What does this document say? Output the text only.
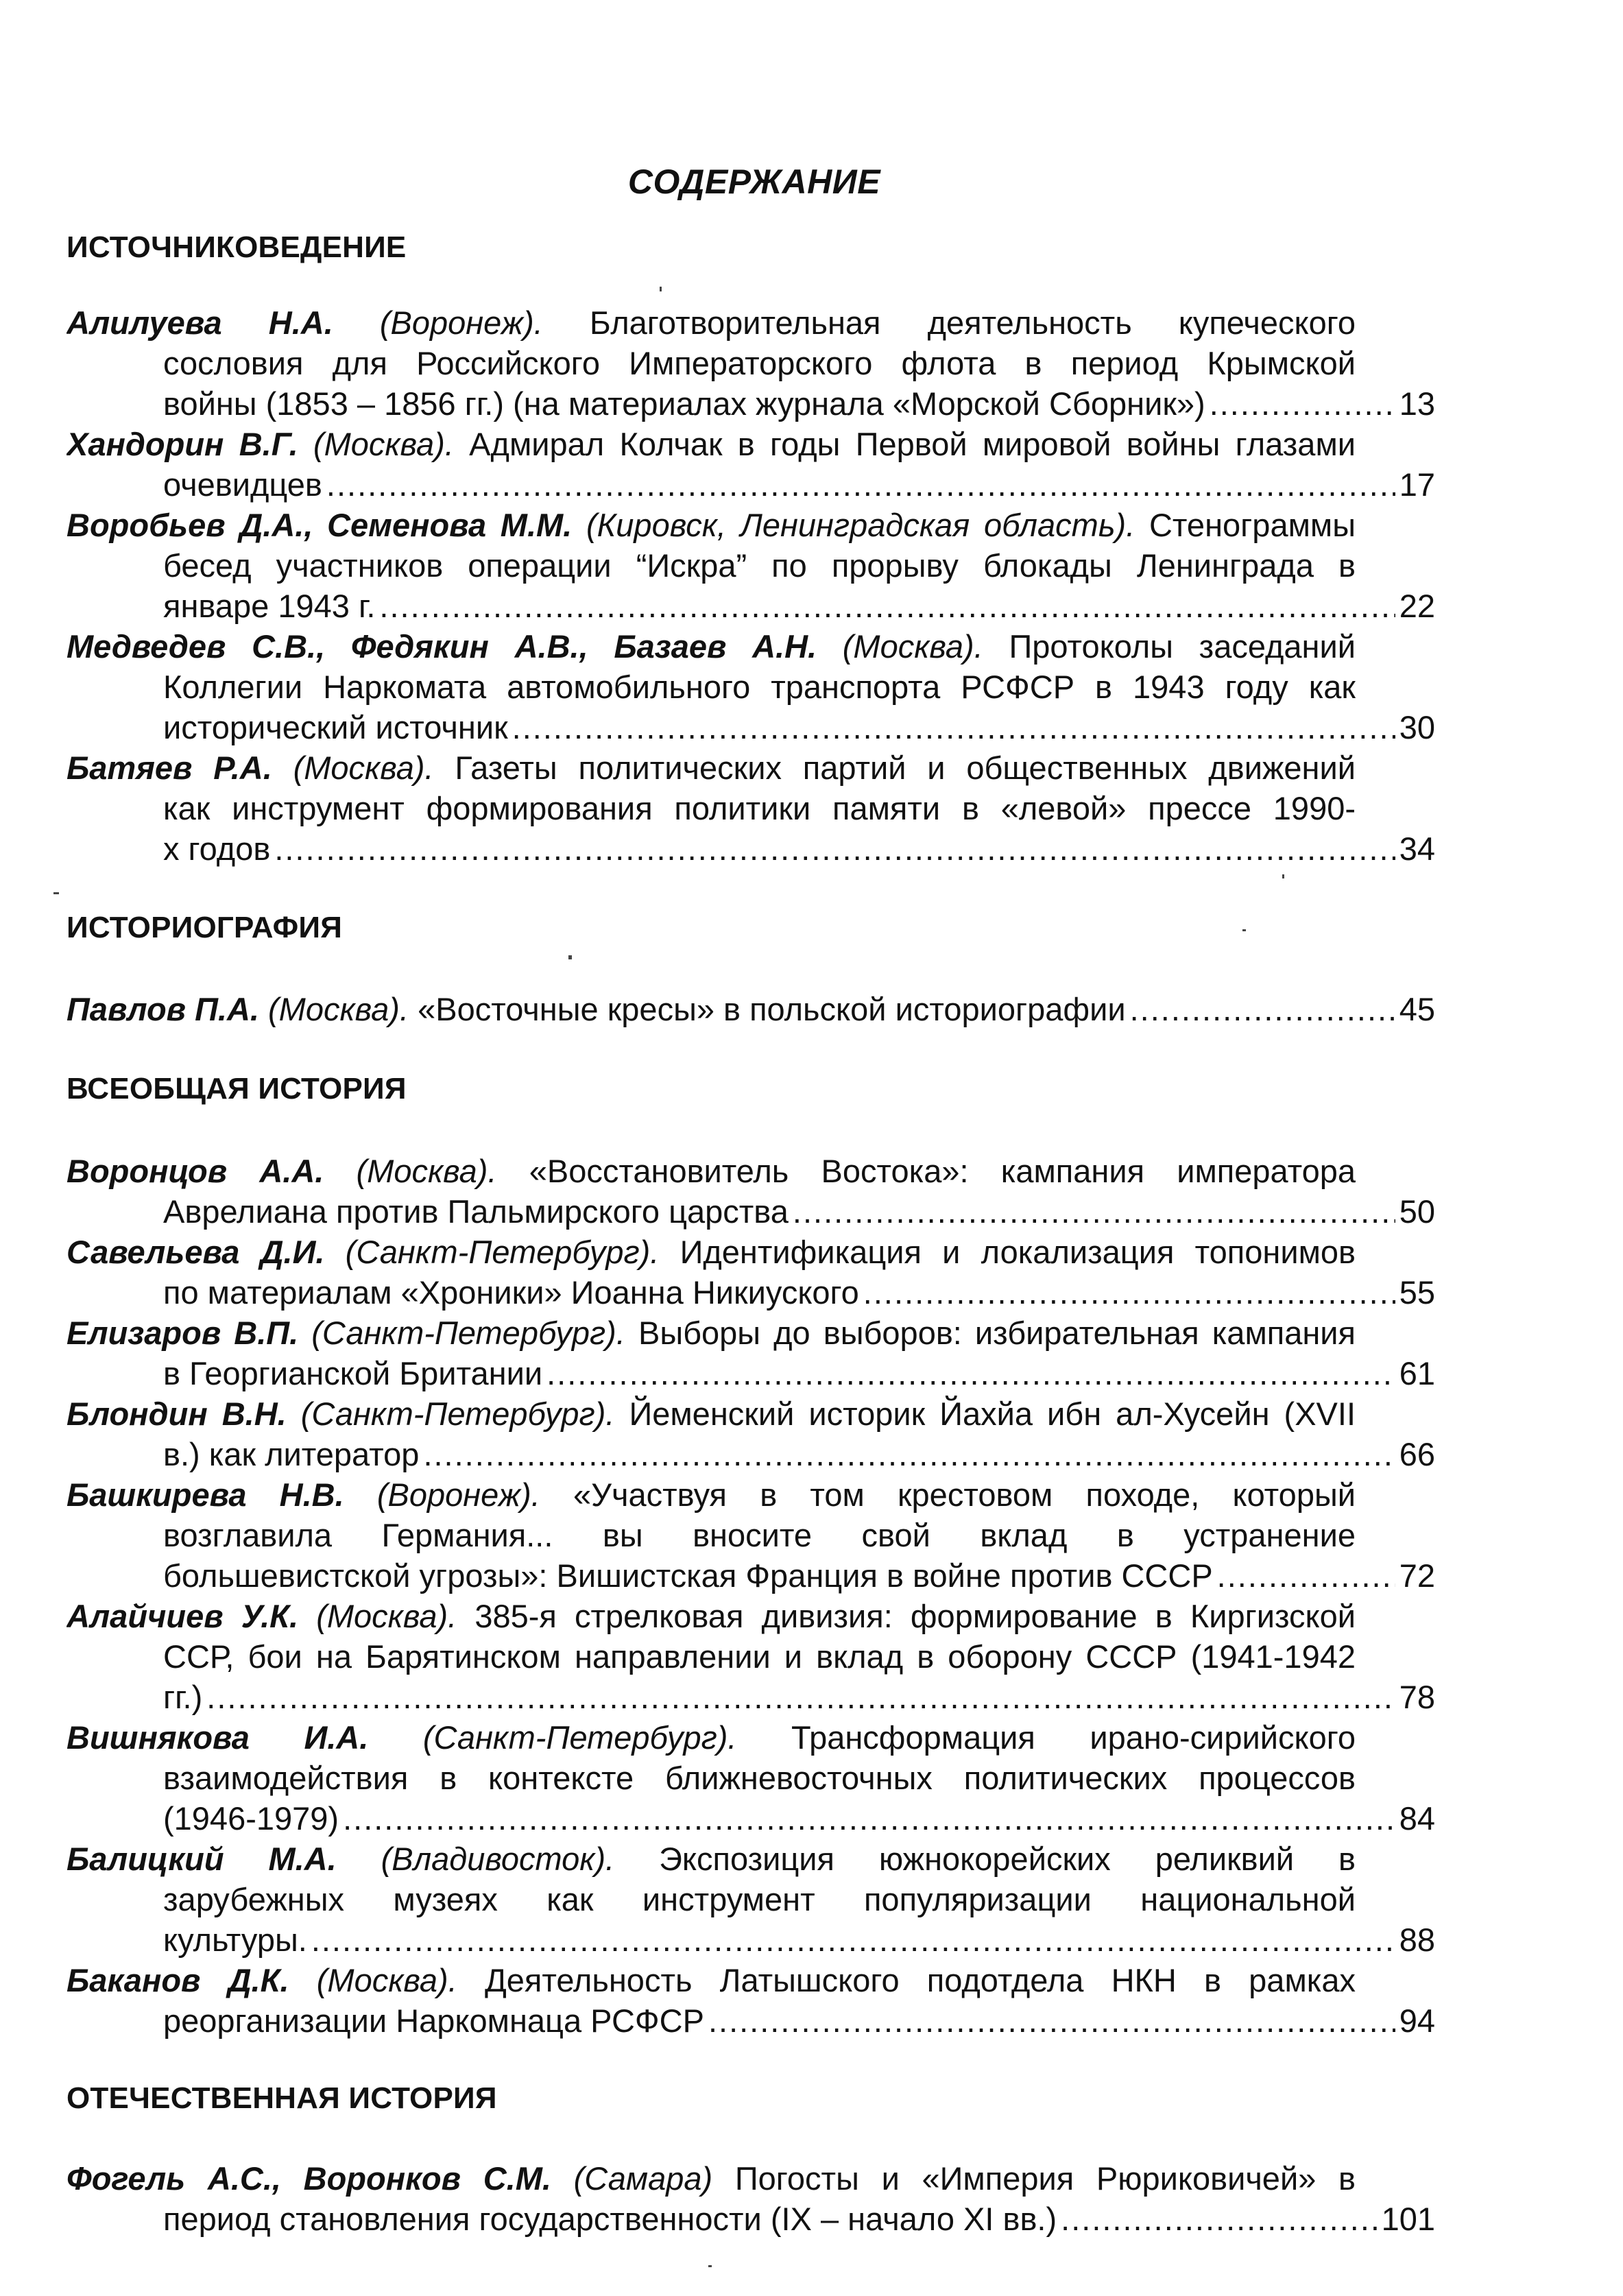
СОДЕРЖАНИЕ
ИСТОЧНИКОВЕДЕНИЕ
Алилуева Н.А. (Воронеж). Благотворительная деятельность купеческого
сословия для Российского Императорского флота в период Крымской
войны (1853 – 1856 гг.) (на материалах журнала «Морской Сборник») .....	13
Хандорин В.Г. (Москва). Адмирал Колчак в годы Первой мировой войны глазами
очевидцев .....	17
Воробьев Д.А., Семенова М.М. (Кировск, Ленинградская область). Стенограммы
бесед участников операции “Искра” по прорыву блокады Ленинграда в
январе 1943 г. .....	22
Медведев С.В., Федякин А.В., Базаев А.Н. (Москва). Протоколы заседаний
Коллегии Наркомата автомобильного транспорта РСФСР в 1943 году как
исторический источник .....	30
Батяев Р.А. (Москва). Газеты политических партий и общественных движений
как инструмент формирования политики памяти в «левой» прессе 1990-
х годов .....	34
ИСТОРИОГРАФИЯ
Павлов П.А. (Москва). «Восточные кресы» в польской историографии .....	45
ВСЕОБЩАЯ ИСТОРИЯ
Воронцов А.А. (Москва). «Восстановитель Востока»: кампания императора
Аврелиана против Пальмирского царства .....	50
Савельева Д.И. (Санкт-Петербург). Идентификация и локализация топонимов
по материалам «Хроники» Иоанна Никиуского .....	55
Елизаров В.П. (Санкт-Петербург). Выборы до выборов: избирательная кампания
в Георгианской Британии .....	61
Блондин В.Н. (Санкт-Петербург). Йеменский историк Йахйа ибн ал-Хусейн (XVII
в.) как литератор .....	66
Башкирева Н.В. (Воронеж). «Участвуя в том крестовом походе, который
возглавила Германия... вы вносите свой вклад в устранение
большевистской угрозы»: Вишистская Франция в войне против СССР .....	72
Алайчиев У.К. (Москва). 385-я стрелковая дивизия: формирование в Киргизской
ССР, бои на Барятинском направлении и вклад в оборону СССР (1941-1942
гг.) .....	78
Вишнякова И.А. (Санкт-Петербург). Трансформация ирано-сирийского
взаимодействия в контексте ближневосточных политических процессов
(1946-1979) .....	84
Балицкий М.А. (Владивосток). Экспозиция южнокорейских реликвий в
зарубежных музеях как инструмент популяризации национальной
культуры. .....	88
Баканов Д.К. (Москва). Деятельность Латышского подотдела НКН в рамках
реорганизации Наркомнаца РСФСР .....	94
ОТЕЧЕСТВЕННАЯ ИСТОРИЯ
Фогель А.С., Воронков С.М. (Самара) Погосты и «Империя Рюриковичей» в
период становления государственности (IX – начало XI вв.) .....	101
